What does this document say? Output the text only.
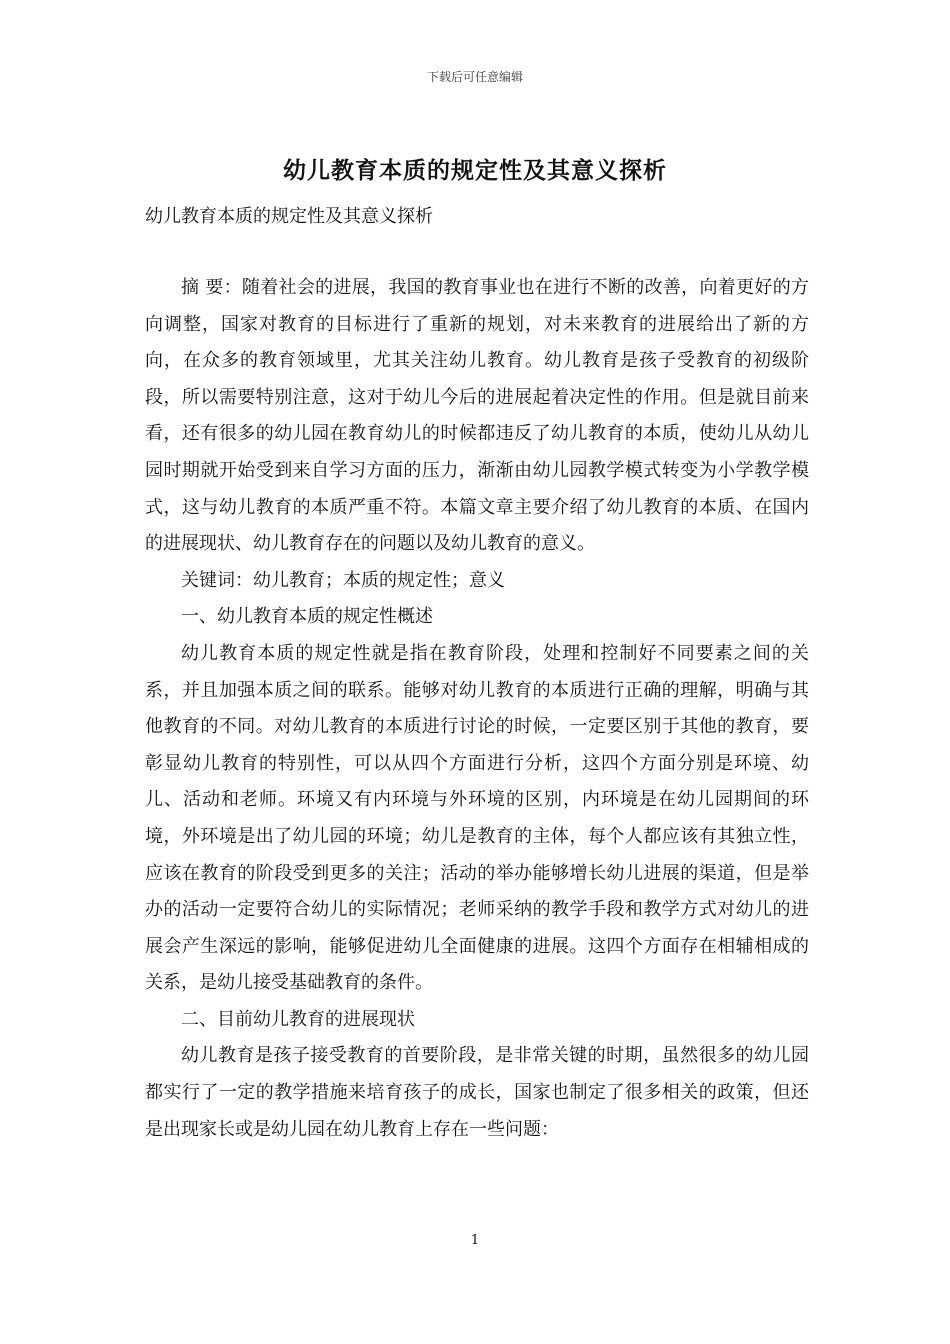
下载后可任意编辑
幼儿教育本质的规定性及其意义探析
幼儿教育本质的规定性及其意义探析

摘 要：随着社会的进展，我国的教育事业也在进行不断的改善，向着更好的方向调整，国家对教育的目标进行了重新的规划，对未来教育的进展给出了新的方向，在众多的教育领域里，尤其关注幼儿教育。幼儿教育是孩子受教育的初级阶段，所以需要特别注意，这对于幼儿今后的进展起着决定性的作用。但是就目前来看，还有很多的幼儿园在教育幼儿的时候都违反了幼儿教育的本质，使幼儿从幼儿园时期就开始受到来自学习方面的压力，渐渐由幼儿园教学模式转变为小学教学模式，这与幼儿教育的本质严重不符。本篇文章主要介绍了幼儿教育的本质、在国内的进展现状、幼儿教育存在的问题以及幼儿教育的意义。

关键词：幼儿教育；本质的规定性；意义

一、幼儿教育本质的规定性概述

幼儿教育本质的规定性就是指在教育阶段，处理和控制好不同要素之间的关系，并且加强本质之间的联系。能够对幼儿教育的本质进行正确的理解，明确与其他教育的不同。对幼儿教育的本质进行讨论的时候，一定要区别于其他的教育，要彰显幼儿教育的特别性，可以从四个方面进行分析，这四个方面分别是环境、幼儿、活动和老师。环境又有内环境与外环境的区别，内环境是在幼儿园期间的环境，外环境是出了幼儿园的环境；幼儿是教育的主体，每个人都应该有其独立性，应该在教育的阶段受到更多的关注；活动的举办能够增长幼儿进展的渠道，但是举办的活动一定要符合幼儿的实际情况；老师采纳的教学手段和教学方式对幼儿的进展会产生深远的影响，能够促进幼儿全面健康的进展。这四个方面存在相辅相成的关系，是幼儿接受基础教育的条件。

二、目前幼儿教育的进展现状

幼儿教育是孩子接受教育的首要阶段，是非常关键的时期，虽然很多的幼儿园都实行了一定的教学措施来培育孩子的成长，国家也制定了很多相关的政策，但还是出现家长或是幼儿园在幼儿教育上存在一些问题：

1
